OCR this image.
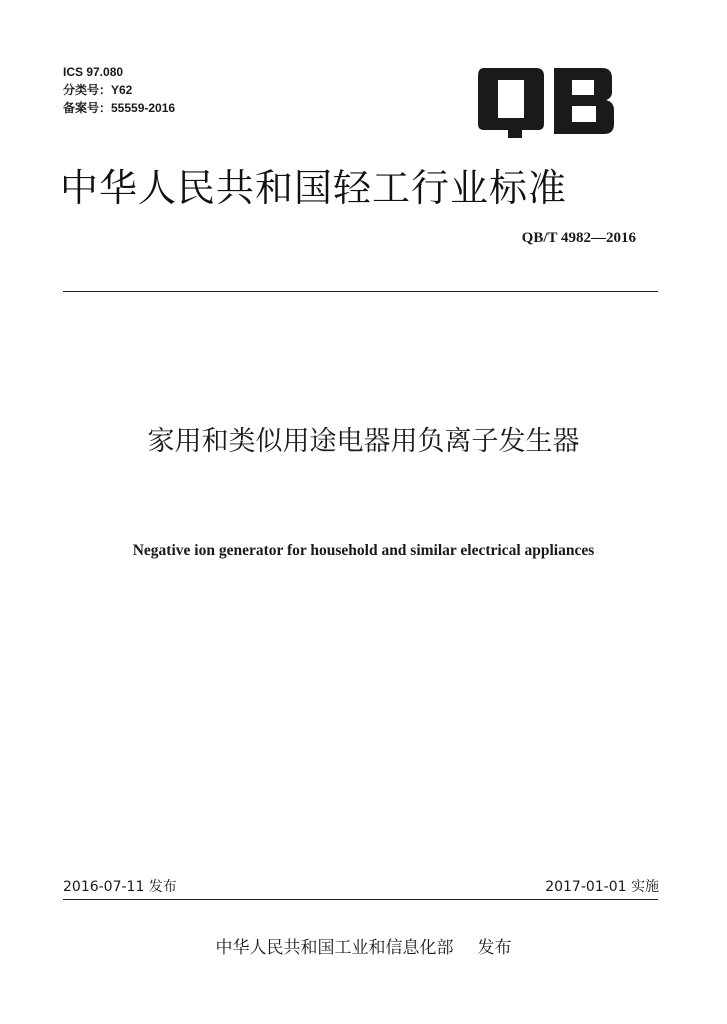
ICS 97.080
分类号：Y62
备案号：55559-2016
中华人民共和国轻工行业标准
QB/T 4982—2016
家用和类似用途电器用负离子发生器
Negative ion generator for household and similar electrical appliances
2016-07-11 发布	2017-01-01 实施
中华人民共和国工业和信息化部 发布
